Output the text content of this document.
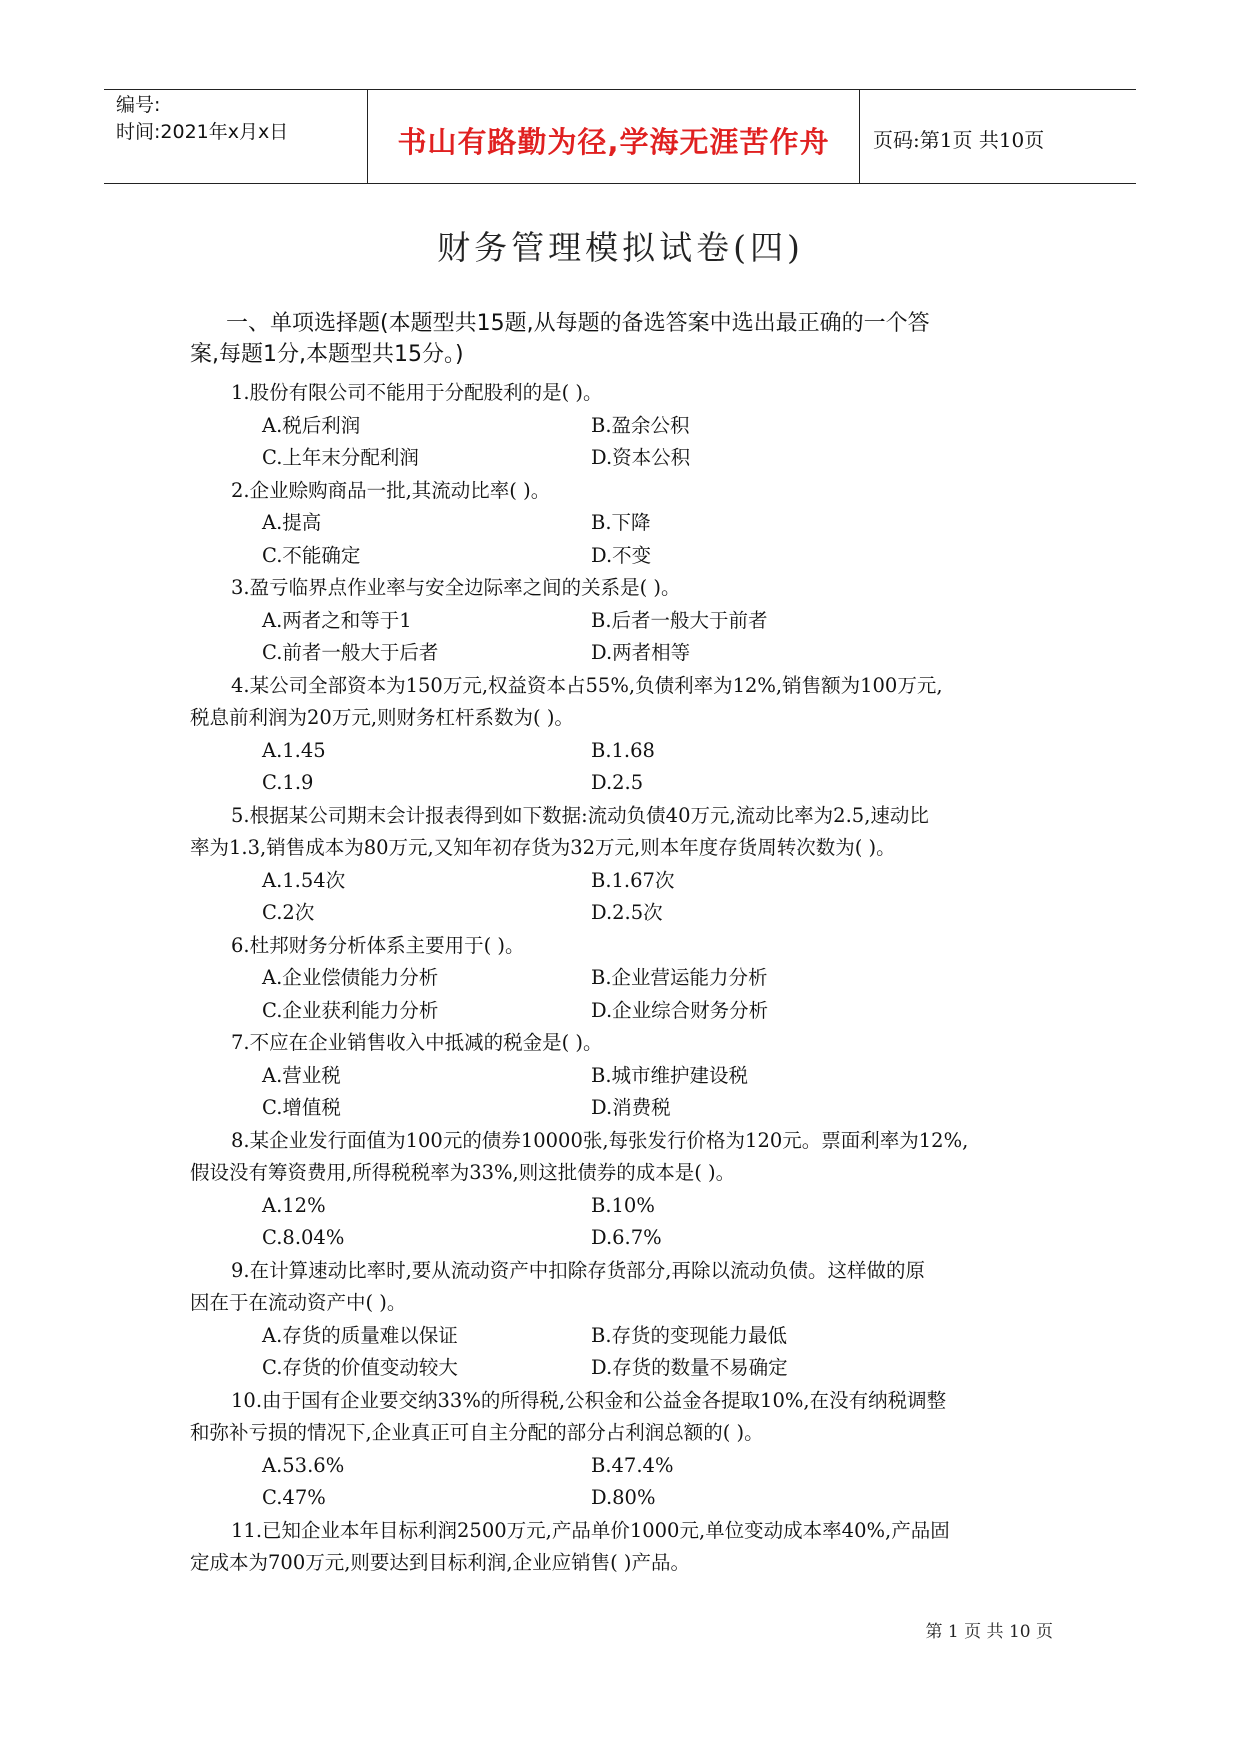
编号:
时间:2021年x月x日	书山有路勤为径,学海无涯苦作舟	页码:第1页 共10页
财务管理模拟试卷(四)
一、单项选择题(本题型共15题,从每题的备选答案中选出最正确的一个答
案,每题1分,本题型共15分。)
1.股份有限公司不能用于分配股利的是( )。
A.税后利润	B.盈余公积
C.上年末分配利润	D.资本公积
2.企业赊购商品一批,其流动比率( )。
A.提高	B.下降
C.不能确定	D.不变
3.盈亏临界点作业率与安全边际率之间的关系是( )。
A.两者之和等于1	B.后者一般大于前者
C.前者一般大于后者	D.两者相等
4.某公司全部资本为150万元,权益资本占55%,负债利率为12%,销售额为100万元,
税息前利润为20万元,则财务杠杆系数为( )。
A.1.45	B.1.68
C.1.9	D.2.5
5.根据某公司期末会计报表得到如下数据:流动负债40万元,流动比率为2.5,速动比
率为1.3,销售成本为80万元,又知年初存货为32万元,则本年度存货周转次数为( )。
A.1.54次	B.1.67次
C.2次	D.2.5次
6.杜邦财务分析体系主要用于( )。
A.企业偿债能力分析	B.企业营运能力分析
C.企业获利能力分析	D.企业综合财务分析
7.不应在企业销售收入中抵减的税金是( )。
A.营业税	B.城市维护建设税
C.增值税	D.消费税
8.某企业发行面值为100元的债券10000张,每张发行价格为120元。票面利率为12%,
假设没有筹资费用,所得税税率为33%,则这批债券的成本是( )。
A.12%	B.10%
C.8.04%	D.6.7%
9.在计算速动比率时,要从流动资产中扣除存货部分,再除以流动负债。这样做的原
因在于在流动资产中( )。
A.存货的质量难以保证	B.存货的变现能力最低
C.存货的价值变动较大	D.存货的数量不易确定
10.由于国有企业要交纳33%的所得税,公积金和公益金各提取10%,在没有纳税调整
和弥补亏损的情况下,企业真正可自主分配的部分占利润总额的( )。
A.53.6%	B.47.4%
C.47%	D.80%
11.已知企业本年目标利润2500万元,产品单价1000元,单位变动成本率40%,产品固
定成本为700万元,则要达到目标利润,企业应销售( )产品。
第 1 页 共 10 页
